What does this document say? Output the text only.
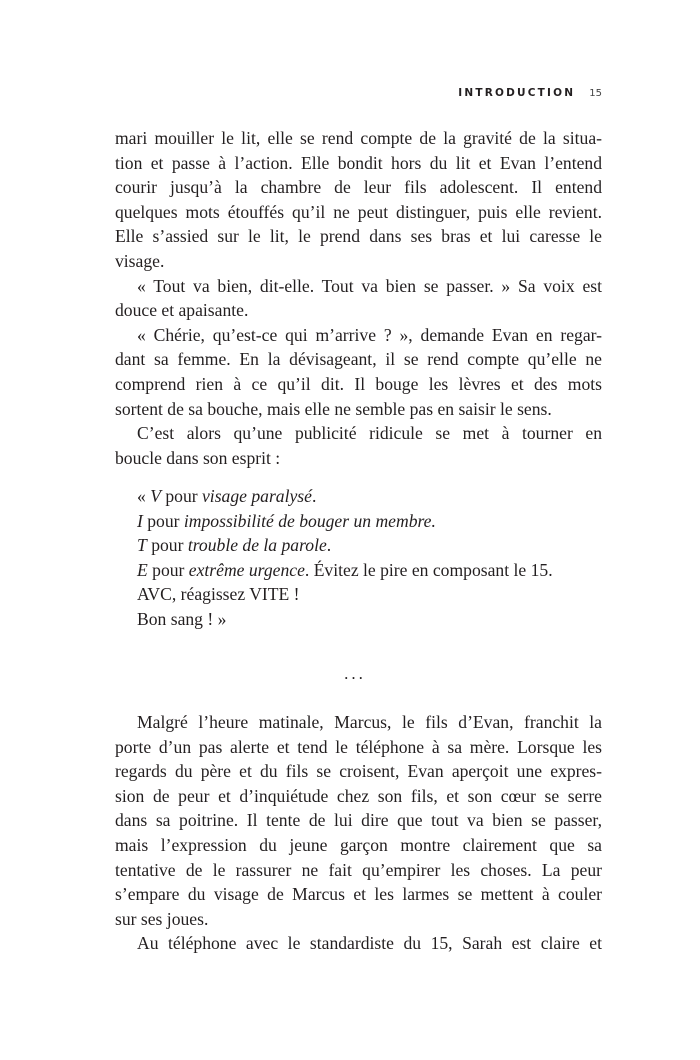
INTRODUCTION 15
mari mouiller le lit, elle se rend compte de la gravité de la situa-
tion et passe à l’action. Elle bondit hors du lit et Evan l’entend
courir jusqu’à la chambre de leur fils adolescent. Il entend
quelques mots étouffés qu’il ne peut distinguer, puis elle revient.
Elle s’assied sur le lit, le prend dans ses bras et lui caresse le
visage.
« Tout va bien, dit-elle. Tout va bien se passer. » Sa voix est
douce et apaisante.
« Chérie, qu’est-ce qui m’arrive ? », demande Evan en regar-
dant sa femme. En la dévisageant, il se rend compte qu’elle ne
comprend rien à ce qu’il dit. Il bouge les lèvres et des mots
sortent de sa bouche, mais elle ne semble pas en saisir le sens.
C’est alors qu’une publicité ridicule se met à tourner en
boucle dans son esprit :
« V pour visage paralysé.
I pour impossibilité de bouger un membre.
T pour trouble de la parole.
E pour extrême urgence. Évitez le pire en composant le 15.
AVC, réagissez VITE !
Bon sang ! »
...
Malgré l’heure matinale, Marcus, le fils d’Evan, franchit la
porte d’un pas alerte et tend le téléphone à sa mère. Lorsque les
regards du père et du fils se croisent, Evan aperçoit une expres-
sion de peur et d’inquiétude chez son fils, et son cœur se serre
dans sa poitrine. Il tente de lui dire que tout va bien se passer,
mais l’expression du jeune garçon montre clairement que sa
tentative de le rassurer ne fait qu’empirer les choses. La peur
s’empare du visage de Marcus et les larmes se mettent à couler
sur ses joues.
Au téléphone avec le standardiste du 15, Sarah est claire et
